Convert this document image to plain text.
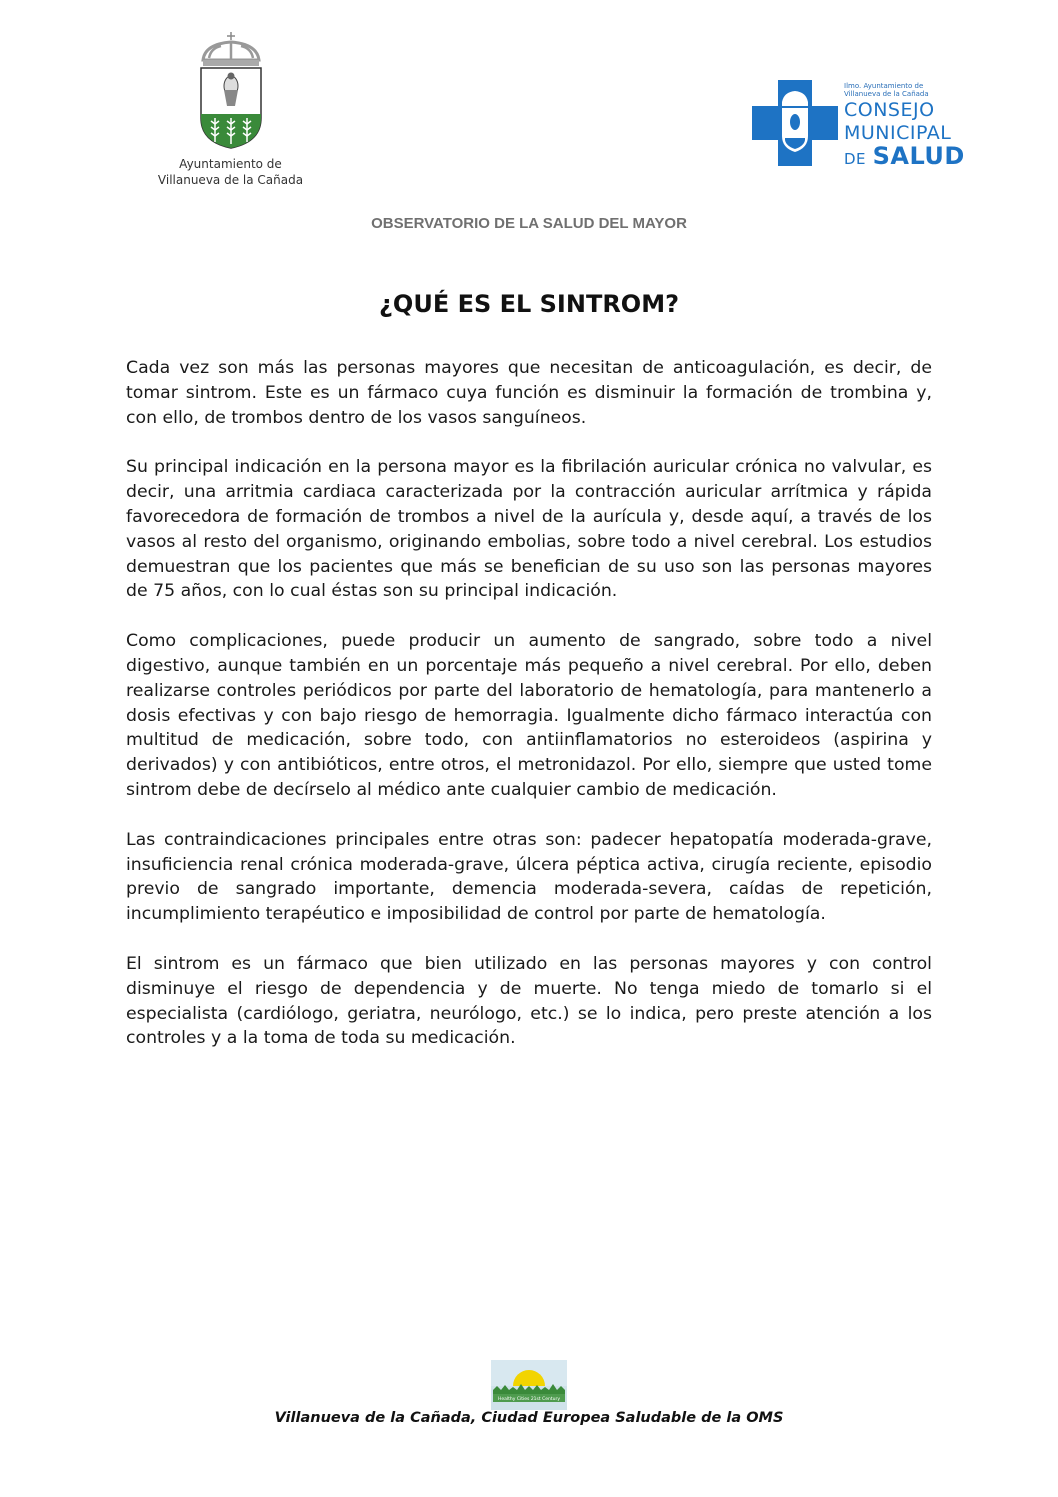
Ayuntamiento de
Villanueva de la Cañada
Ilmo. Ayuntamiento de
Villanueva de la Cañada
CONSEJO
MUNICIPAL
DE SALUD
OBSERVATORIO DE LA SALUD DEL MAYOR
¿QUÉ ES EL SINTROM?

Cada vez son más las personas mayores que necesitan de anticoagulación, es decir, de tomar sintrom. Este es un fármaco cuya función es disminuir la formación de trombina y, con ello, de trombos dentro de los vasos sanguíneos.

Su principal indicación en la persona mayor es la fibrilación auricular crónica no valvular, es decir, una arritmia cardiaca caracterizada por la contracción auricular arrítmica y rápida favorecedora de formación de trombos a nivel de la aurícula y, desde aquí, a través de los vasos al resto del organismo, originando embolias, sobre todo a nivel cerebral. Los estudios demuestran que los pacientes que más se benefician de su uso son las personas mayores de 75 años, con lo cual éstas son su principal indicación.

Como complicaciones, puede producir un aumento de sangrado, sobre todo a nivel digestivo, aunque también en un porcentaje más pequeño a nivel cerebral. Por ello, deben realizarse controles periódicos por parte del laboratorio de hematología, para mantenerlo a dosis efectivas y con bajo riesgo de hemorragia. Igualmente dicho fármaco interactúa con multitud de medicación, sobre todo, con antiinflamatorios no esteroideos (aspirina y derivados) y con antibióticos, entre otros, el metronidazol. Por ello, siempre que usted tome sintrom debe de decírselo al médico ante cualquier cambio de medicación.

Las contraindicaciones principales entre otras son: padecer hepatopatía moderada-grave, insuficiencia renal crónica moderada-grave, úlcera péptica activa, cirugía reciente, episodio previo de sangrado importante, demencia moderada-severa, caídas de repetición, incumplimiento terapéutico e imposibilidad de control por parte de hematología.

El sintrom es un fármaco que bien utilizado en las personas mayores y con control disminuye el riesgo de dependencia y de muerte. No tenga miedo de tomarlo si el especialista (cardiólogo, geriatra, neurólogo, etc.) se lo indica, pero preste atención a los controles y a la toma de toda su medicación.

Healthy Cities 21st Century
Villanueva de la Cañada, Ciudad Europea Saludable de la OMS
